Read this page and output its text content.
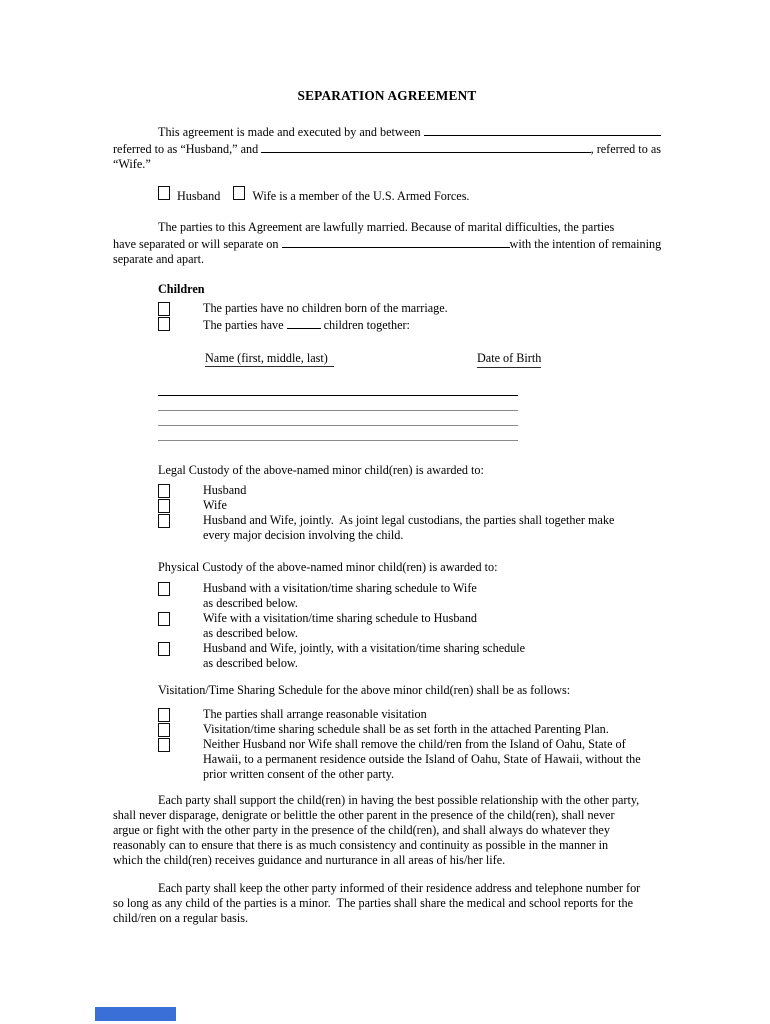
SEPARATION AGREEMENT
This agreement is made and executed by and between
referred to as “Husband,” and	, referred to as
“Wife.”
Husband	Wife is a member of the U.S. Armed Forces.
The parties to this Agreement are lawfully married. Because of marital difficulties, the parties
have separated or will separate on	with the intention of remaining
separate and apart.
Children
The parties have no children born of the marriage.
The parties have	children together:
Name (first, middle, last)	Date of Birth
Legal Custody of the above-named minor child(ren) is awarded to:
Husband
Wife
Husband and Wife, jointly.  As joint legal custodians, the parties shall together make
every major decision involving the child.
Physical Custody of the above-named minor child(ren) is awarded to:
Husband with a visitation/time sharing schedule to Wife
as described below.
Wife with a visitation/time sharing schedule to Husband
as described below.
Husband and Wife, jointly, with a visitation/time sharing schedule
as described below.
Visitation/Time Sharing Schedule for the above minor child(ren) shall be as follows:
The parties shall arrange reasonable visitation
Visitation/time sharing schedule shall be as set forth in the attached Parenting Plan.
Neither Husband nor Wife shall remove the child/ren from the Island of Oahu, State of
Hawaii, to a permanent residence outside the Island of Oahu, State of Hawaii, without the
prior written consent of the other party.
Each party shall support the child(ren) in having the best possible relationship with the other party,
shall never disparage, denigrate or belittle the other parent in the presence of the child(ren), shall never
argue or fight with the other party in the presence of the child(ren), and shall always do whatever they
reasonably can to ensure that there is as much consistency and continuity as possible in the manner in
which the child(ren) receives guidance and nurturance in all areas of his/her life.
Each party shall keep the other party informed of their residence address and telephone number for
so long as any child of the parties is a minor.  The parties shall share the medical and school reports for the
child/ren on a regular basis.
